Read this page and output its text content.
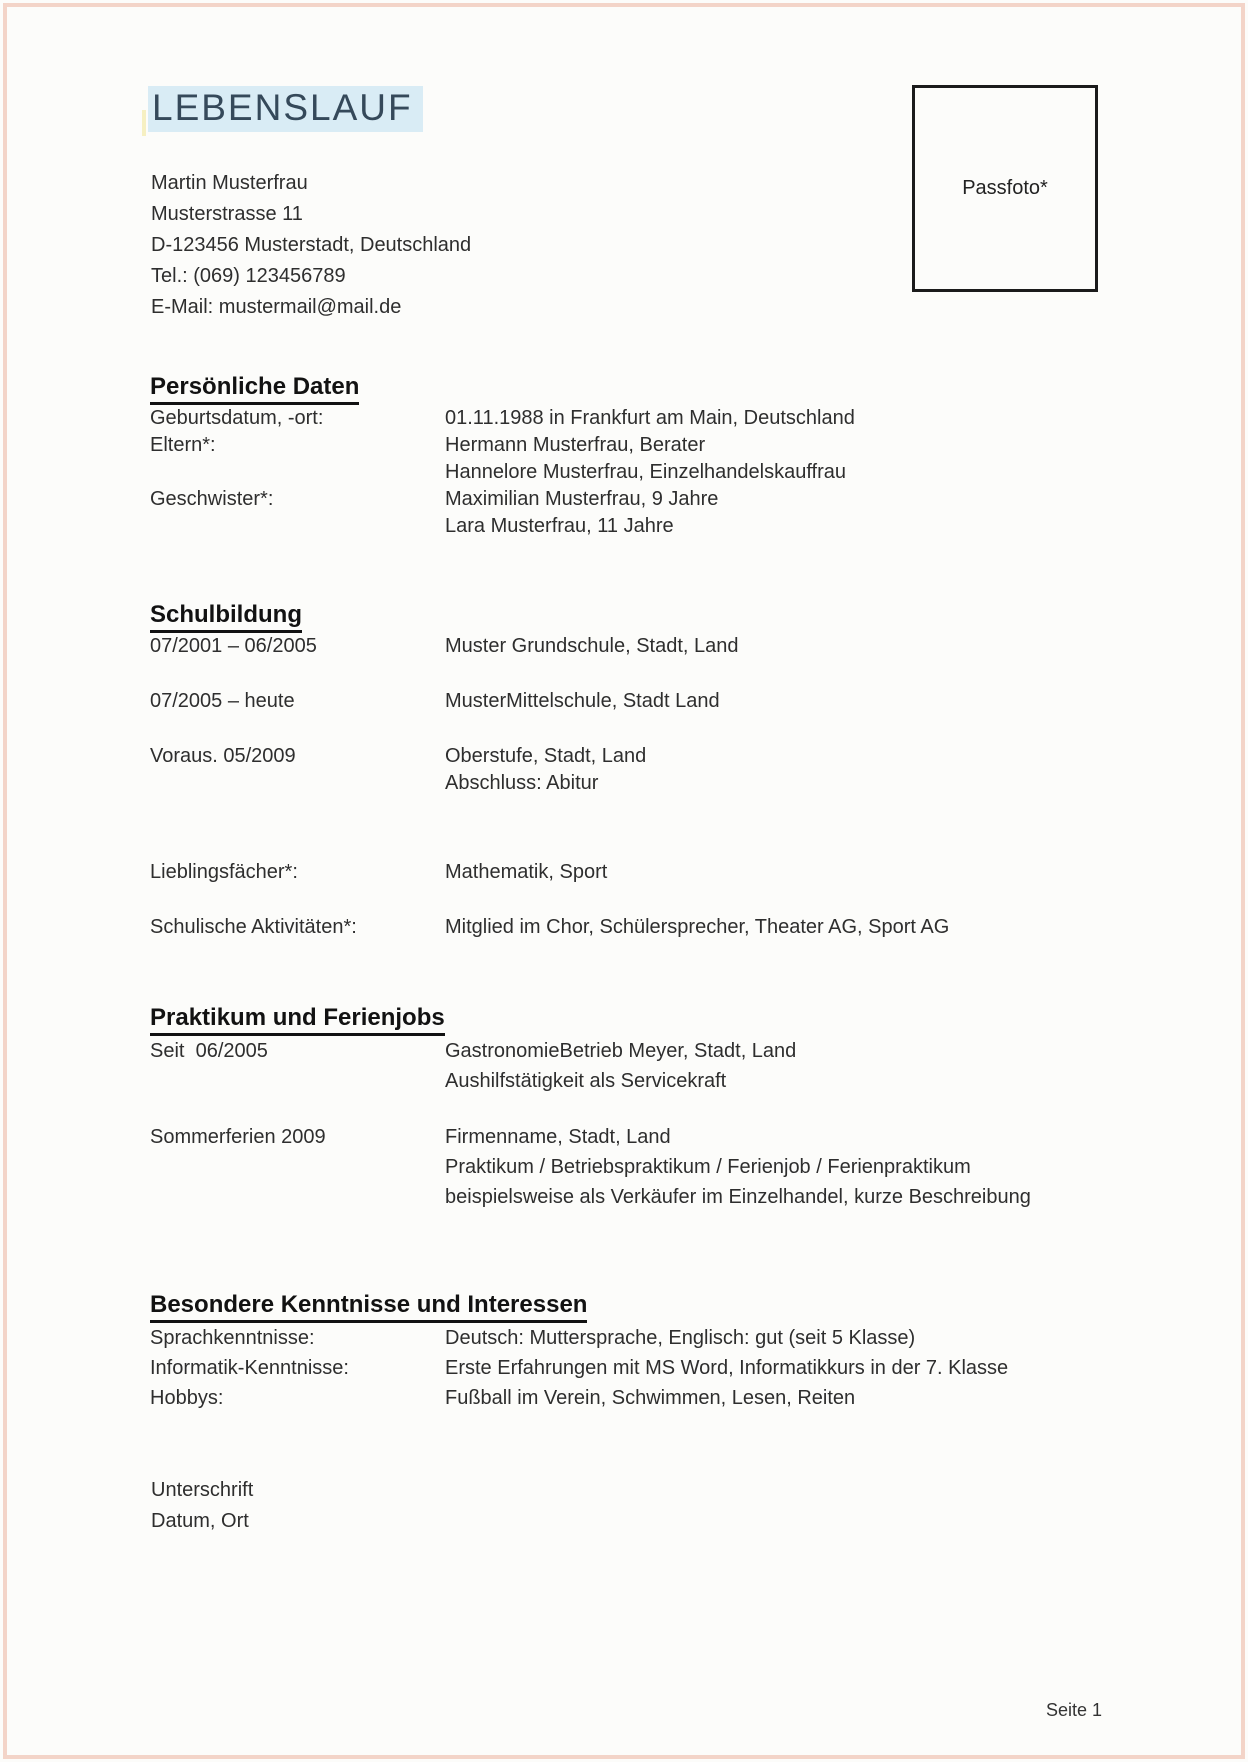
LEBENSLAUF
Martin Musterfrau
Musterstrasse 11
D-123456 Musterstadt, Deutschland
Tel.: (069) 123456789
E-Mail: mustermail@mail.de
Passfoto*
Persönliche Daten
Geburtsdatum, -ort:	01.11.1988 in Frankfurt am Main, Deutschland
Eltern*:	Hermann Musterfrau, Berater
Hannelore Musterfrau, Einzelhandelskauffrau
Geschwister*:	Maximilian Musterfrau, 9 Jahre
Lara Musterfrau, 11 Jahre
Schulbildung
07/2001 – 06/2005	Muster Grundschule, Stadt, Land
07/2005 – heute	MusterMittelschule, Stadt Land
Voraus. 05/2009	Oberstufe, Stadt, Land
Abschluss: Abitur
Lieblingsfächer*:	Mathematik, Sport
Schulische Aktivitäten*:	Mitglied im Chor, Schülersprecher, Theater AG, Sport AG
Praktikum und Ferienjobs
Seit  06/2005	GastronomieBetrieb Meyer, Stadt, Land
Aushilfstätigkeit als Servicekraft
Sommerferien 2009	Firmenname, Stadt, Land
Praktikum / Betriebspraktikum / Ferienjob / Ferienpraktikum
beispielsweise als Verkäufer im Einzelhandel, kurze Beschreibung
Besondere Kenntnisse und Interessen
Sprachkenntnisse:	Deutsch: Muttersprache, Englisch: gut (seit 5 Klasse)
Informatik-Kenntnisse:	Erste Erfahrungen mit MS Word, Informatikkurs in der 7. Klasse
Hobbys:	Fußball im Verein, Schwimmen, Lesen, Reiten
Unterschrift
Datum, Ort
Seite 1
